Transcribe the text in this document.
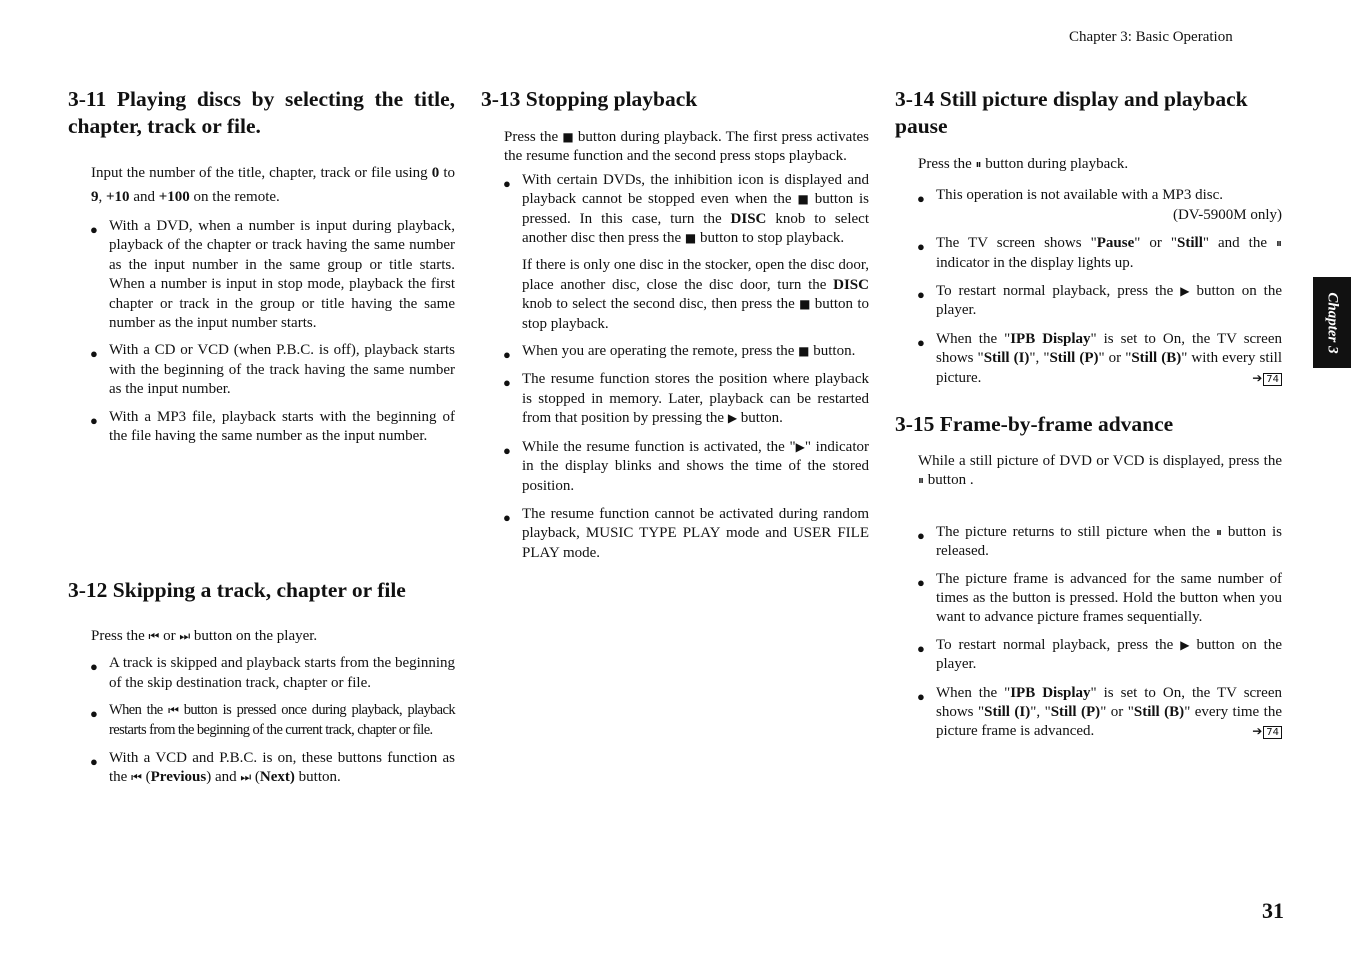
Chapter 3: Basic Operation
3-11 Playing discs by selecting the title, chapter, track or file.

Input the number of the title, chapter, track or file using 0 to 9, +10 and +100 on the remote.

● With a DVD, when a number is input during playback, playback of the chapter or track having the same number as the input number in the same group or title starts. When a number is input in stop mode, playback the first chapter or track in the group or title having the same number as the input number starts.
● With a CD or VCD (when P.B.C. is off), playback starts with the beginning of the track having the same number as the input number.
● With a MP3 file, playback starts with the beginning of the file having the same number as the input number.
3-12 Skipping a track, chapter or file

Press the ⏮ or ⏭ button on the player.

● A track is skipped and playback starts from the beginning of the skip destination track, chapter or file.
● When the ⏮ button is pressed once during playback, playback restarts from the beginning of the current track, chapter or file.
● With a VCD and P.B.C. is on, these buttons function as the ⏮ (Previous) and ⏭ (Next) button.
3-13 Stopping playback

Press the ■ button during playback. The first press activates the resume function and the second press stops playback.

● With certain DVDs, the inhibition icon is displayed and playback cannot be stopped even when the ■ button is pressed. In this case, turn the DISC knob to select another disc then press the ■ button to stop playback.

If there is only one disc in the stocker, open the disc door, place another disc, close the disc door, turn the DISC knob to select the second disc, then press the ■ button to stop playback.

● When you are operating the remote, press the ■ button.
● The resume function stores the position where playback is stopped in memory. Later, playback can be restarted from that position by pressing the ▶ button.
● While the resume function is activated, the "▶" indicator in the display blinks and shows the time of the stored position.
● The resume function cannot be activated during random playback, MUSIC TYPE PLAY mode and USER FILE PLAY mode.
3-14 Still picture display and playback pause

Press the ⏸ button during playback.

● This operation is not available with a MP3 disc.
(DV-5900M only)
● The TV screen shows "Pause" or "Still" and the ⏸ indicator in the display lights up.
● To restart normal playback, press the ▶ button on the player.
● When the "IPB Display" is set to On, the TV screen shows "Still (I)", "Still (P)" or "Still (B)" with every still picture.	➔ 74
3-15 Frame-by-frame advance

While a still picture of DVD or VCD is displayed, press the ⏸ button .

● The picture returns to still picture when the ⏸ button is released.
● The picture frame is advanced for the same number of times as the button is pressed. Hold the button when you want to advance picture frames sequentially.
● To restart normal playback, press the ▶ button on the player.
● When the "IPB Display" is set to On, the TV screen shows "Still (I)", "Still (P)" or "Still (B)" every time the picture frame is advanced.	➔ 74
Chapter 3
31
